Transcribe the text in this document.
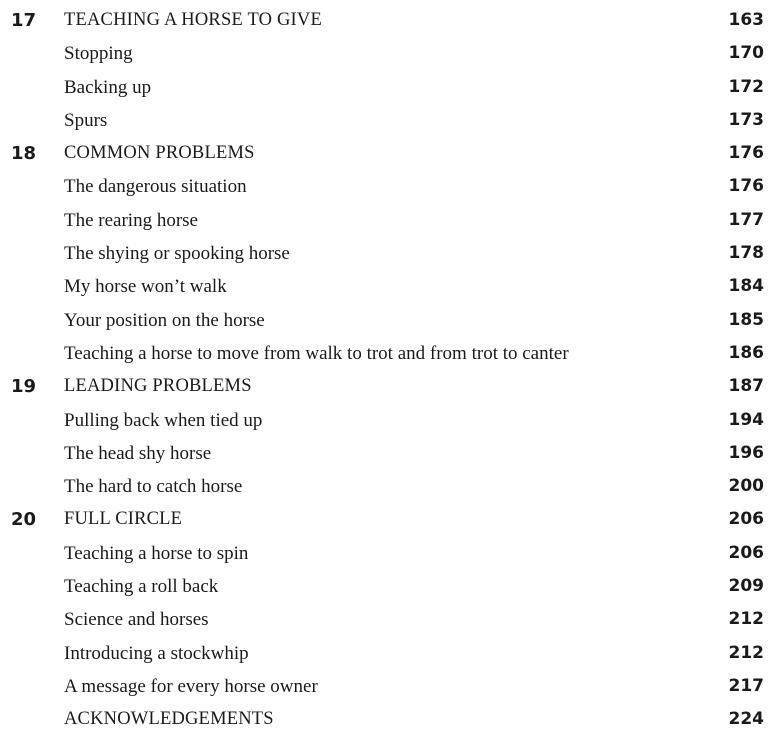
17 TEACHING A HORSE TO GIVE	163
Stopping	170
Backing up	172
Spurs	173
18 COMMON PROBLEMS	176
The dangerous situation	176
The rearing horse	177
The shying or spooking horse	178
My horse won’t walk	184
Your position on the horse	185
Teaching a horse to move from walk to trot and from trot to canter	186
19 LEADING PROBLEMS	187
Pulling back when tied up	194
The head shy horse	196
The hard to catch horse	200
20 FULL CIRCLE	206
Teaching a horse to spin	206
Teaching a roll back	209
Science and horses	212
Introducing a stockwhip	212
A message for every horse owner	217
ACKNOWLEDGEMENTS	224
